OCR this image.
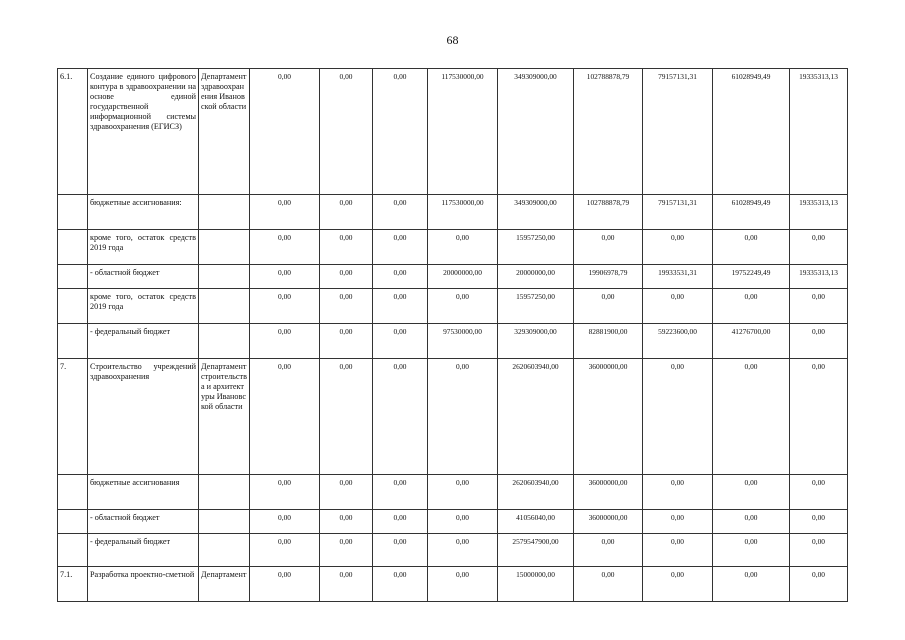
68
6.1.	Создание единого цифрового контура в здравоохранении на основе единой государственной информационной системы здравоохранения (ЕГИСЗ)	Департамент здравоохранения Ивановской области	0,00	0,00	0,00	117530000,00	349309000,00	102788878,79	79157131,31	61028949,49	19335313,13
	бюджетные ассигнования:		0,00	0,00	0,00	117530000,00	349309000,00	102788878,79	79157131,31	61028949,49	19335313,13
	кроме того, остаток средств 2019 года		0,00	0,00	0,00	0,00	15957250,00	0,00	0,00	0,00	0,00
	- областной бюджет		0,00	0,00	0,00	20000000,00	20000000,00	19906978,79	19933531,31	19752249,49	19335313,13
	кроме того, остаток средств 2019 года		0,00	0,00	0,00	0,00	15957250,00	0,00	0,00	0,00	0,00
	- федеральный бюджет		0,00	0,00	0,00	97530000,00	329309000,00	82881900,00	59223600,00	41276700,00	0,00
7.	Строительство учреждений здравоохранения	Департамент строительства и архитектуры Ивановской области	0,00	0,00	0,00	0,00	2620603940,00	36000000,00	0,00	0,00	0,00
	бюджетные ассигнования		0,00	0,00	0,00	0,00	2620603940,00	36000000,00	0,00	0,00	0,00
	- областной бюджет		0,00	0,00	0,00	0,00	41056040,00	36000000,00	0,00	0,00	0,00
	- федеральный бюджет		0,00	0,00	0,00	0,00	2579547900,00	0,00	0,00	0,00	0,00
7.1.	Разработка проектно-сметной	Департамент	0,00	0,00	0,00	0,00	15000000,00	0,00	0,00	0,00	0,00
